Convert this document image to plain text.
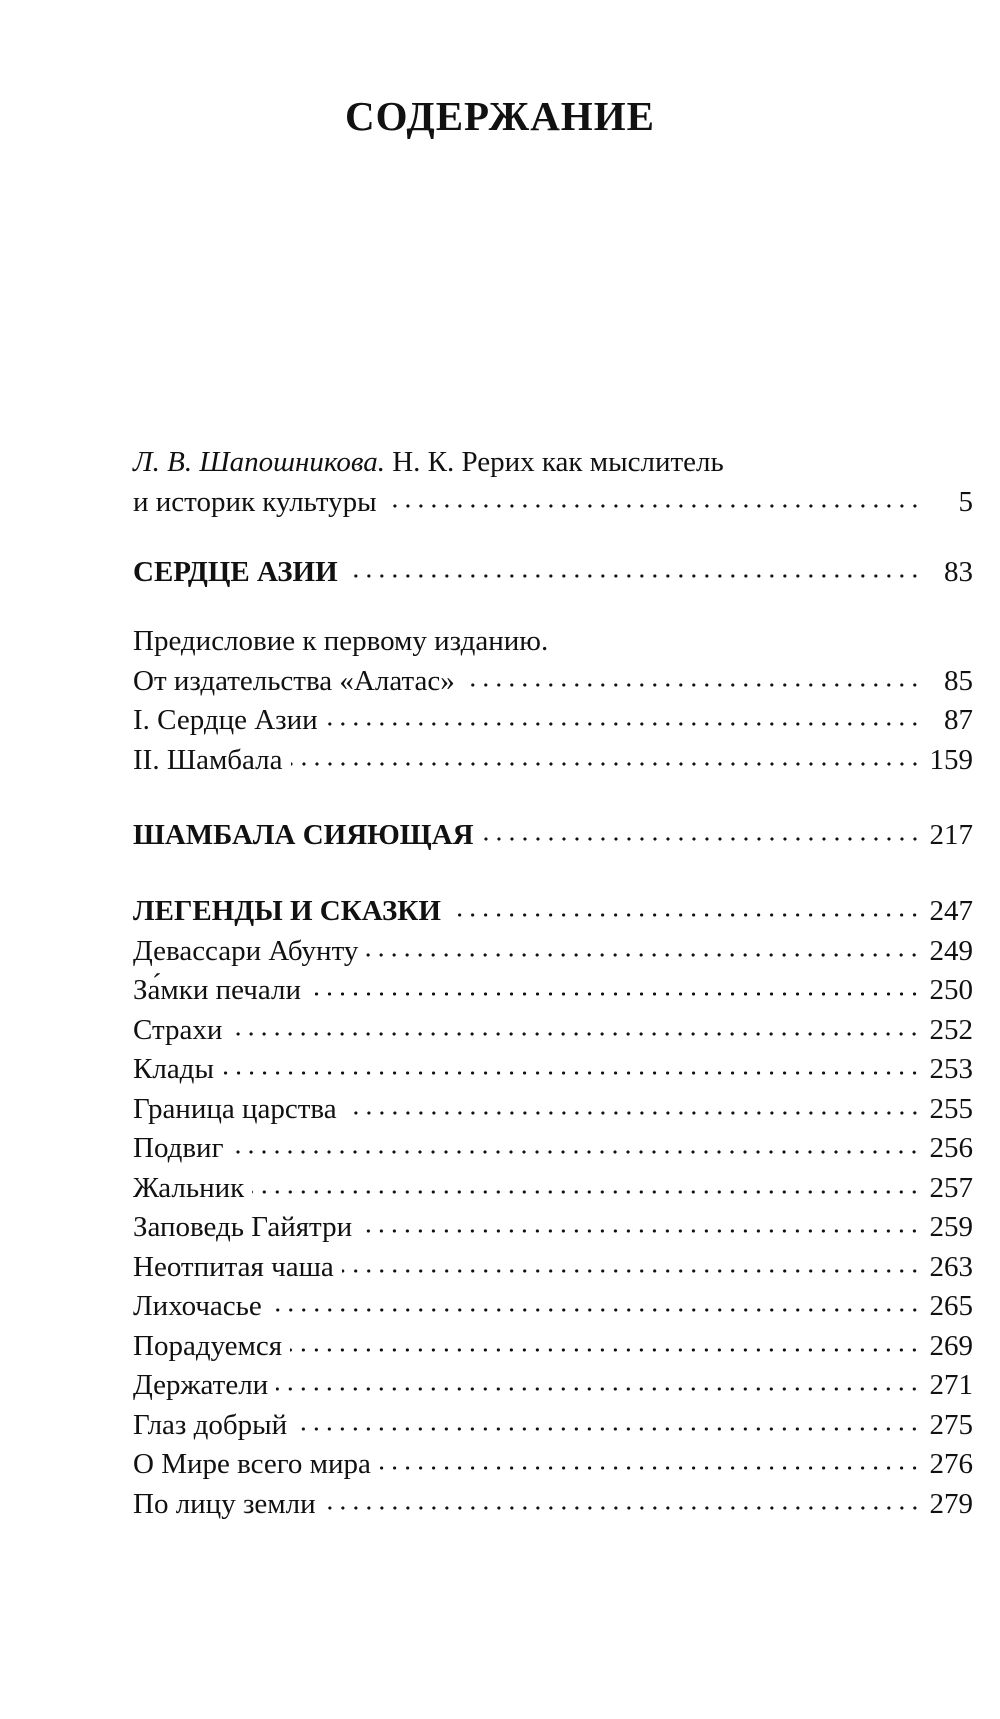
СОДЕРЖАНИЕ
Л. В. Шапошникова.
Н. К. Рерих как мыслитель
и историк культуры	5
СЕРДЦЕ АЗИИ	83
Предисловие к первому изданию.
От издательства «Алатас»	85
I. Сердце Азии	87
II. Шамбала	159
ШАМБАЛА СИЯЮЩАЯ	217
ЛЕГЕНДЫ И СКАЗКИ	247
Девассари Абунту	249
За́мки печали	250
Страхи	252
Клады	253
Граница царства	255
Подвиг	256
Жальник	257
Заповедь Гайятри	259
Неотпитая чаша	263
Лихочасье	265
Порадуемся	269
Держатели	271
Глаз добрый	275
О Мире всего мира	276
По лицу земли	279
